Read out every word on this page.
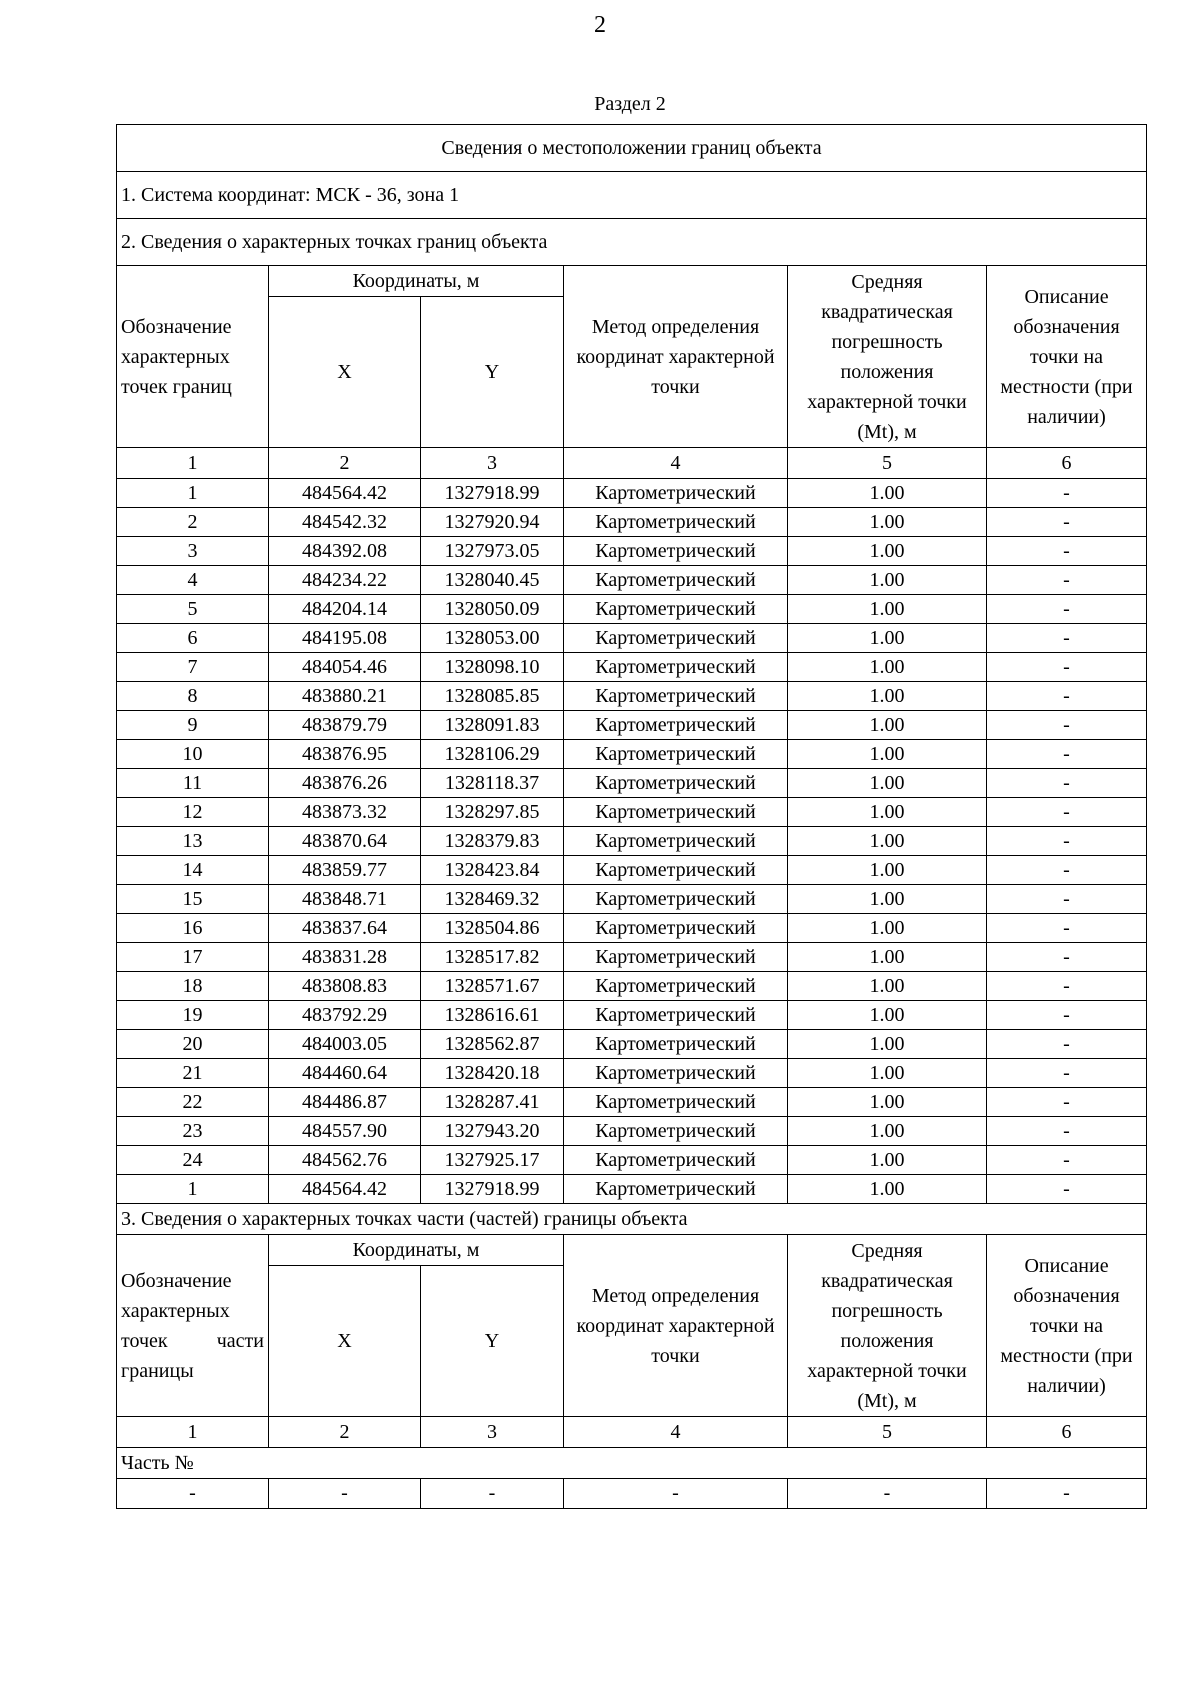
2
Раздел 2
Сведения о местоположении границ объекта					
1. Система координат: МСК - 36, зона 1					
2. Сведения о характерных точках границ объекта					
Обозначение характерных точек границ	Координаты, м		Метод определения координат характерной точки	Средняя квадратическая погрешность положения характерной точки (Mt), м	Описание обозначения точки на местности (при наличии)
	X	Y			
1	2	3	4	5	6
1	484564.42	1327918.99	Картометрический	1.00	-
2	484542.32	1327920.94	Картометрический	1.00	-
3	484392.08	1327973.05	Картометрический	1.00	-
4	484234.22	1328040.45	Картометрический	1.00	-
5	484204.14	1328050.09	Картометрический	1.00	-
6	484195.08	1328053.00	Картометрический	1.00	-
7	484054.46	1328098.10	Картометрический	1.00	-
8	483880.21	1328085.85	Картометрический	1.00	-
9	483879.79	1328091.83	Картометрический	1.00	-
10	483876.95	1328106.29	Картометрический	1.00	-
11	483876.26	1328118.37	Картометрический	1.00	-
12	483873.32	1328297.85	Картометрический	1.00	-
13	483870.64	1328379.83	Картометрический	1.00	-
14	483859.77	1328423.84	Картометрический	1.00	-
15	483848.71	1328469.32	Картометрический	1.00	-
16	483837.64	1328504.86	Картометрический	1.00	-
17	483831.28	1328517.82	Картометрический	1.00	-
18	483808.83	1328571.67	Картометрический	1.00	-
19	483792.29	1328616.61	Картометрический	1.00	-
20	484003.05	1328562.87	Картометрический	1.00	-
21	484460.64	1328420.18	Картометрический	1.00	-
22	484486.87	1328287.41	Картометрический	1.00	-
23	484557.90	1327943.20	Картометрический	1.00	-
24	484562.76	1327925.17	Картометрический	1.00	-
1	484564.42	1327918.99	Картометрический	1.00	-
3. Сведения о характерных точках части (частей) границы объекта					
Обозначение характерных точек части границы	Координаты, м		Метод определения координат характерной точки	Средняя квадратическая погрешность положения характерной точки (Mt), м	Описание обозначения точки на местности (при наличии)
	X	Y			
1	2	3	4	5	6
Часть №					
-	-	-	-	-	-
